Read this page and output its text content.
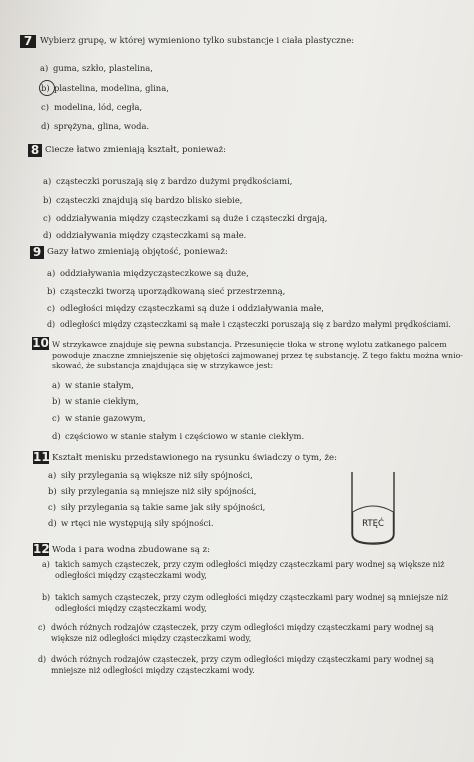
7 Wybierz grupę, w której wymieniono tylko substancje i ciała plastyczne:
a) guma, szkło, plastelina,
b) plastelina, modelina, glina,
c) modelina, lód, cegła,
d) sprężyna, glina, woda.
8 Ciecze łatwo zmieniają kształt, ponieważ:
a) cząsteczki poruszają się z bardzo dużymi prędkościami,
b) cząsteczki znajdują się bardzo blisko siebie,
c) oddziaływania między cząsteczkami są duże i cząsteczki drgają,
d) oddziaływania między cząsteczkami są małe.
9 Gazy łatwo zmieniają objętość, ponieważ:
a) oddziaływania międzycząsteczkowe są duże,
b) cząsteczki tworzą uporządkowaną sieć przestrzenną,
c) odległości między cząsteczkami są duże i oddziaływania małe,
d) odległości między cząsteczkami są małe i cząsteczki poruszają się z bardzo małymi prędkościami.
10 W strzykawce znajduje się pewna substancja. Przesunięcie tłoka w stronę wylotu zatkanego palcem
powoduje znaczne zmniejszenie się objętości zajmowanej przez tę substancję. Z tego faktu można wnio-
skować, że substancja znajdująca się w strzykawce jest:
a) w stanie stałym,
b) w stanie ciekłym,
c) w stanie gazowym,
d) częściowo w stanie stałym i częściowo w stanie ciekłym.
11 Kształt menisku przedstawionego na rysunku świadczy o tym, że:
a) siły przylegania są większe niż siły spójności,
b) siły przylegania są mniejsze niż siły spójności,
c) siły przylegania są takie same jak siły spójności,
d) w rtęci nie występują siły spójności.	RTĘĆ
12 Woda i para wodna zbudowane są z:
a) takich samych cząsteczek, przy czym odległości między cząsteczkami pary wodnej są większe niż
odległości między cząsteczkami wody,
b) takich samych cząsteczek, przy czym odległości między cząsteczkami pary wodnej są mniejsze niż
odległości między cząsteczkami wody,
c) dwóch różnych rodzajów cząsteczek, przy czym odległości między cząsteczkami pary wodnej są
większe niż odległości między cząsteczkami wody,
d) dwóch różnych rodzajów cząsteczek, przy czym odległości między cząsteczkami pary wodnej są
mniejsze niż odległości między cząsteczkami wody.
